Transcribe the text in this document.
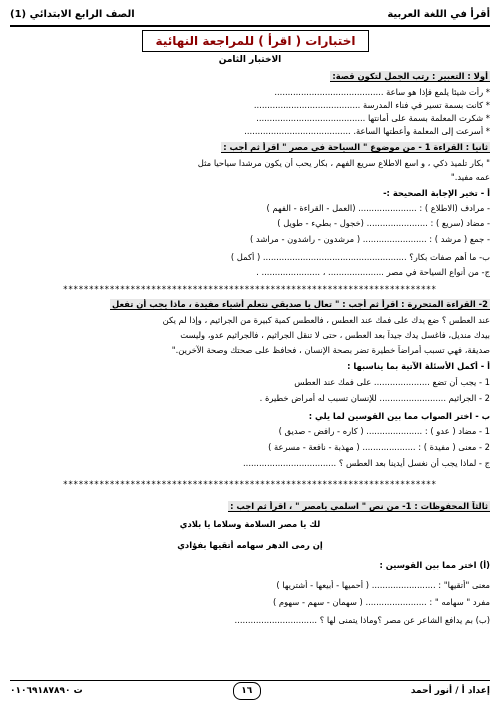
أقرأ في اللغة العربية
الصف الرابع الابتدائي (1)
اختبارات ( اقرأ ) للمراجعة النهائية
الاختبار الثامن
أولا : التعبير : رتب الجمل لتكون قصة:
* رأت شيئا يلمع فإذا هو ساعة .........................................
* كانت بسمة تسير في فناء المدرسة ........................................
* شكرت المعلمة بسمة على أمانتها .........................................
* أسرعت إلى المعلمة وأعطتها الساعة. ........................................
ثانيا : القراءة 1 - من موضوع " السياحة في مصر " اقرأ ثم أجب :
" بكار تلميذ ذكي ، و اسع الاطلاع سريع الفهم ، بكار يحب أن يكون مرشدا سياحيا مثل
عمه مفيد."
أ - تخير الإجابة الصحيحة :-
- مرادف (الاطلاع ) : ...................... (العمل - القراءة - الفهم )
- مضاد (سريع ) : ....................... (خجول - بطيء - طويل )
- جمع ( مرشد ) : ........................ ( مرشدون - راشدون - مراشد )
ب- ما أهم صفات بكار؟ ...................................................... ( أكمل )
ج- من أنواع السياحة في مصر ..................... ، ...................... .
************************************************************************
2- القراءة المتحررة : اقرأ ثم أجب : " تعال يا صديقي نتعلم أشياء مفيدة ، ماذا يجب أن تفعل
عند العطس ؟ ضع يدك على فمك عند العطس ، فالعطس كمية كبيرة من الجراثيم ، وإذا لم يكن
بيدك منديل، فاغسل يدك جيداً بعد العطس ، حتى لا تنقل الجراثيم ، فالجراثيم عدو، وليست
صديقة، فهي تسبب أمراضاً خطيرة تضر بصحة الإنسان ، فحافظ على صحتك وصحة الآخرين."
أ - أكمل الأسئلة الآتية بما يناسبها :
1 - يجب أن تضع ..................... على فمك عند العطس
2 - الجراثيم ......................... للإنسان تسبب له أمراض خطيرة .
ب - اختر الصواب مما بين القوسين لما يلي :
1 - مضاد ( عدو ) : ..................... ( كاره - رافض - صديق )
2 - معنى ( مفيدة ) : .................... ( مهذبة - نافعة - مسرعة )
ج - لماذا يجب أن نغسل أيدينا بعد العطس ؟ ...................................
************************************************************************
ثالثاً المحفوظات : 1- من نص " اسلمي يامصر " ، اقرأ ثم اجب :
لك يا مصر السلامة وسلاما يا بلادي
إن رمى الدهر سهامه أتقيها بفؤادي
(أ) اختر مما بين القوسين :
معنى "أتقيها" : ........................ ( أحميها - أبيعها - أشتريها )
مفرد " سهامه " : ....................... ( سهمان - سهم - سهوم )
(ب) بم يدافع الشاعر عن مصر ؟وماذا يتمنى لها ؟ ...............................
إعداد أ / أنور أحمد
١٦
ت ٠١٠٦٩١٨٧٨٩٠
